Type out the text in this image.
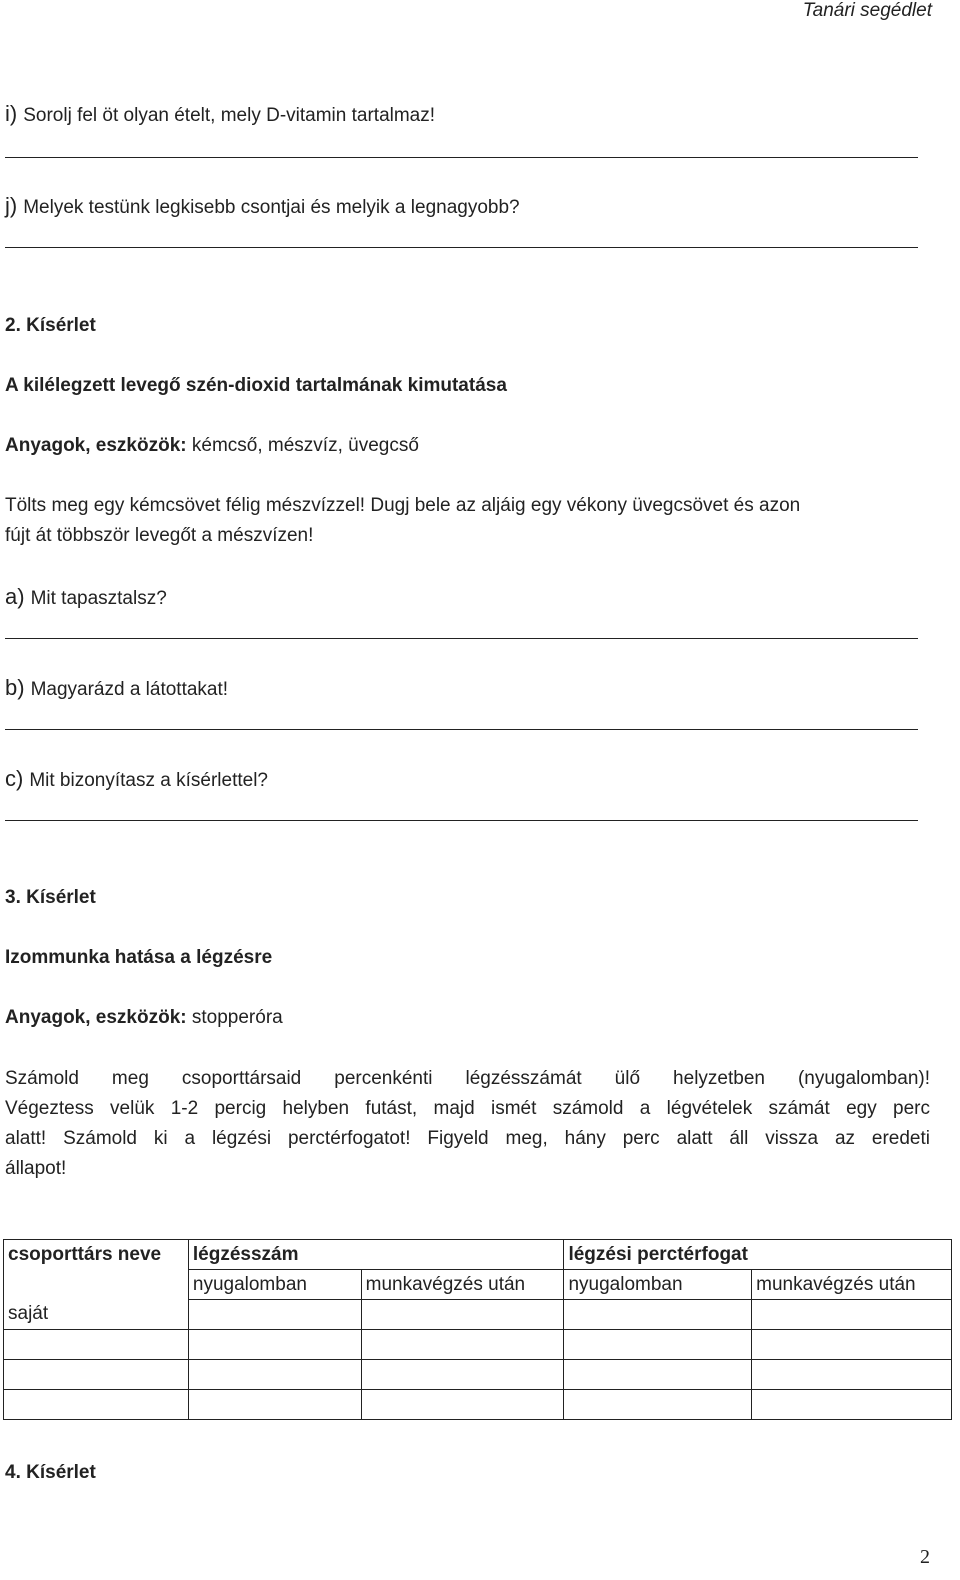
Tanári segédlet
i) Sorolj fel öt olyan ételt, mely D-vitamin tartalmaz!
j) Melyek testünk legkisebb csontjai és melyik a legnagyobb?
2. Kísérlet
A kilélegzett levegő szén-dioxid tartalmának kimutatása
Anyagok, eszközök: kémcső, mészvíz, üvegcső
Tölts meg egy kémcsövet félig mészvízzel! Dugj bele az aljáig egy vékony üvegcsövet és azon
fújt át többször levegőt a mészvízen!
a) Mit tapasztalsz?
b) Magyarázd a látottakat!
c) Mit bizonyítasz a kísérlettel?
3. Kísérlet
Izommunka hatása a légzésre
Anyagok, eszközök: stopperóra
Számold meg csoporttársaid percenkénti légzésszámát ülő helyzetben (nyugalomban)!
Végeztess velük 1-2 percig helyben futást, majd ismét számold a légvételek számát egy perc
alatt! Számold ki a légzési perctérfogatot! Figyeld meg, hány perc alatt áll vissza az eredeti
állapot!
csoporttárs neve	légzésszám		légzési perctérfogat	
	nyugalomban	munkavégzés után	nyugalomban	munkavégzés után
saját				

4. Kísérlet
2
